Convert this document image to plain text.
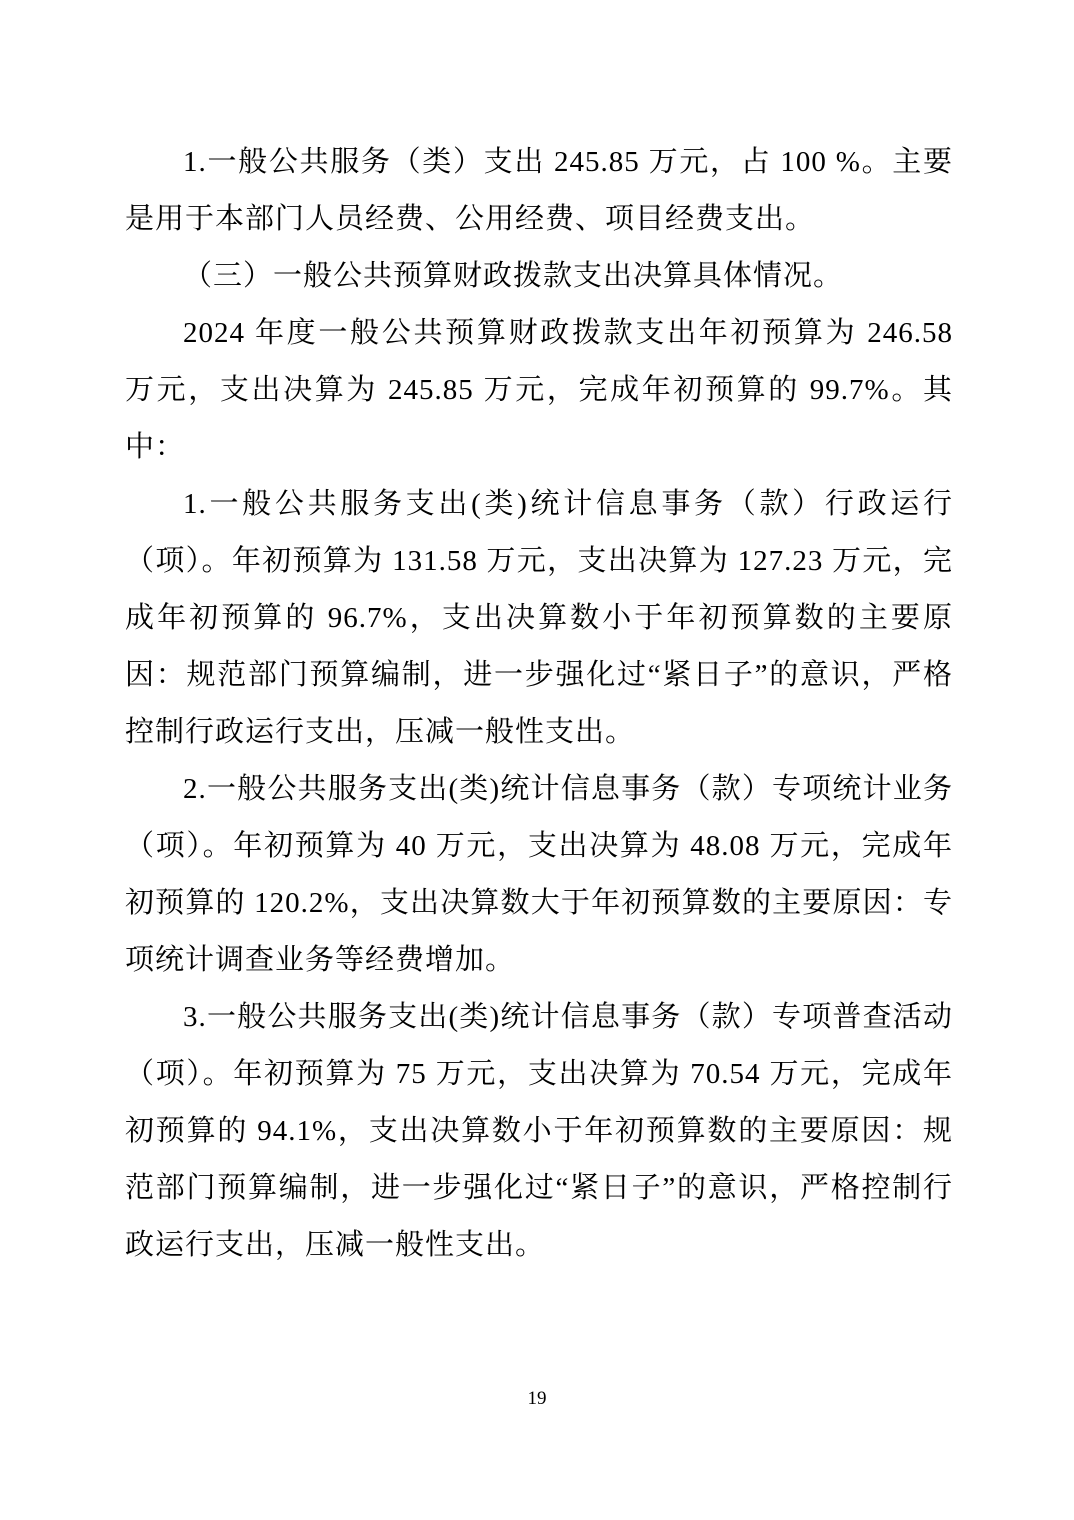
1.一般公共服务（类）支出 245.85 万元，占 100 %。主要是用于本部门人员经费、公用经费、项目经费支出。

（三）一般公共预算财政拨款支出决算具体情况。

2024 年度一般公共预算财政拨款支出年初预算为 246.58 万元，支出决算为 245.85 万元，完成年初预算的 99.7%。其中：

1.一般公共服务支出(类)统计信息事务（款）行政运行（项）。年初预算为 131.58 万元，支出决算为 127.23 万元，完成年初预算的 96.7%，支出决算数小于年初预算数的主要原因：规范部门预算编制，进一步强化过“紧日子”的意识，严格控制行政运行支出，压减一般性支出。

2.一般公共服务支出(类)统计信息事务（款）专项统计业务（项）。年初预算为 40 万元，支出决算为 48.08 万元，完成年初预算的 120.2%，支出决算数大于年初预算数的主要原因：专项统计调查业务等经费增加。

3.一般公共服务支出(类)统计信息事务（款）专项普查活动（项）。年初预算为 75 万元，支出决算为 70.54 万元，完成年初预算的 94.1%，支出决算数小于年初预算数的主要原因：规范部门预算编制，进一步强化过“紧日子”的意识，严格控制行政运行支出，压减一般性支出。

19
